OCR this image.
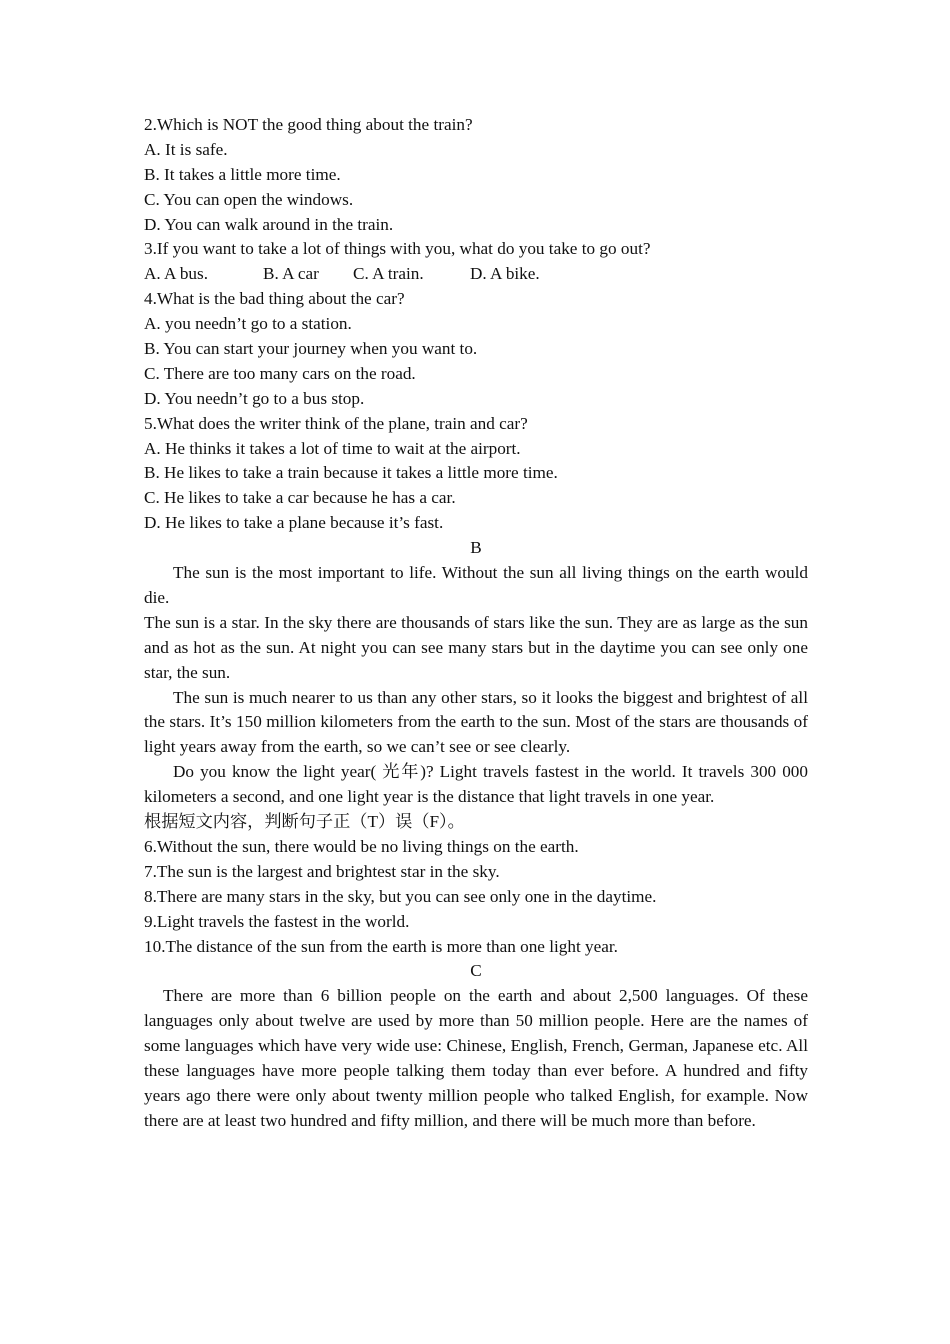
2.Which is NOT the good thing about the train?
A. It is safe.
B. It takes a little more time.
C. You can open the windows.
D. You can walk around in the train.
3.If you want to take a lot of things with you, what do you take to go out?
A. A bus.	B. A car C. A train.	D. A bike.
4.What is the bad thing about the car?
A. you needn’t go to a station.
B. You can start your journey when you want to.
C. There are too many cars on the road.
D. You needn’t go to a bus stop.
5.What does the writer think of the plane, train and car?
A. He thinks it takes a lot of time to wait at the airport.
B. He likes to take a train because it takes a little more time.
C. He likes to take a car because he has a car.
D. He likes to take a plane because it’s fast.
B
The sun is the most important to life. Without the sun all living things on the earth would die.
The sun is a star. In the sky there are thousands of stars like the sun. They are as large as the sun and as hot as the sun. At night you can see many stars but in the daytime you can see only one star, the sun.
The sun is much nearer to us than any other stars, so it looks the biggest and brightest of all the stars. It’s 150 million kilometers from the earth to the sun. Most of the stars are thousands of light years away from the earth, so we can’t see or see clearly.
Do you know the light year( 光年)? Light travels fastest in the world. It travels 300 000 kilometers a second, and one light year is the distance that light travels in one year.
根据短文内容，判断句子正（T）误（F）。
6.Without the sun, there would be no living things on the earth.
7.The sun is the largest and brightest star in the sky.
8.There are many stars in the sky, but you can see only one in the daytime.
9.Light travels the fastest in the world.
10.The distance of the sun from the earth is more than one light year.
C
There are more than 6 billion people on the earth and about 2,500 languages. Of these languages only about twelve are used by more than 50 million people. Here are the names of some languages which have very wide use: Chinese, English, French, German, Japanese etc. All these languages have more people talking them today than ever before. A hundred and fifty years ago there were only about twenty million people who talked English, for example. Now there are at least two hundred and fifty million, and there will be much more than before.
